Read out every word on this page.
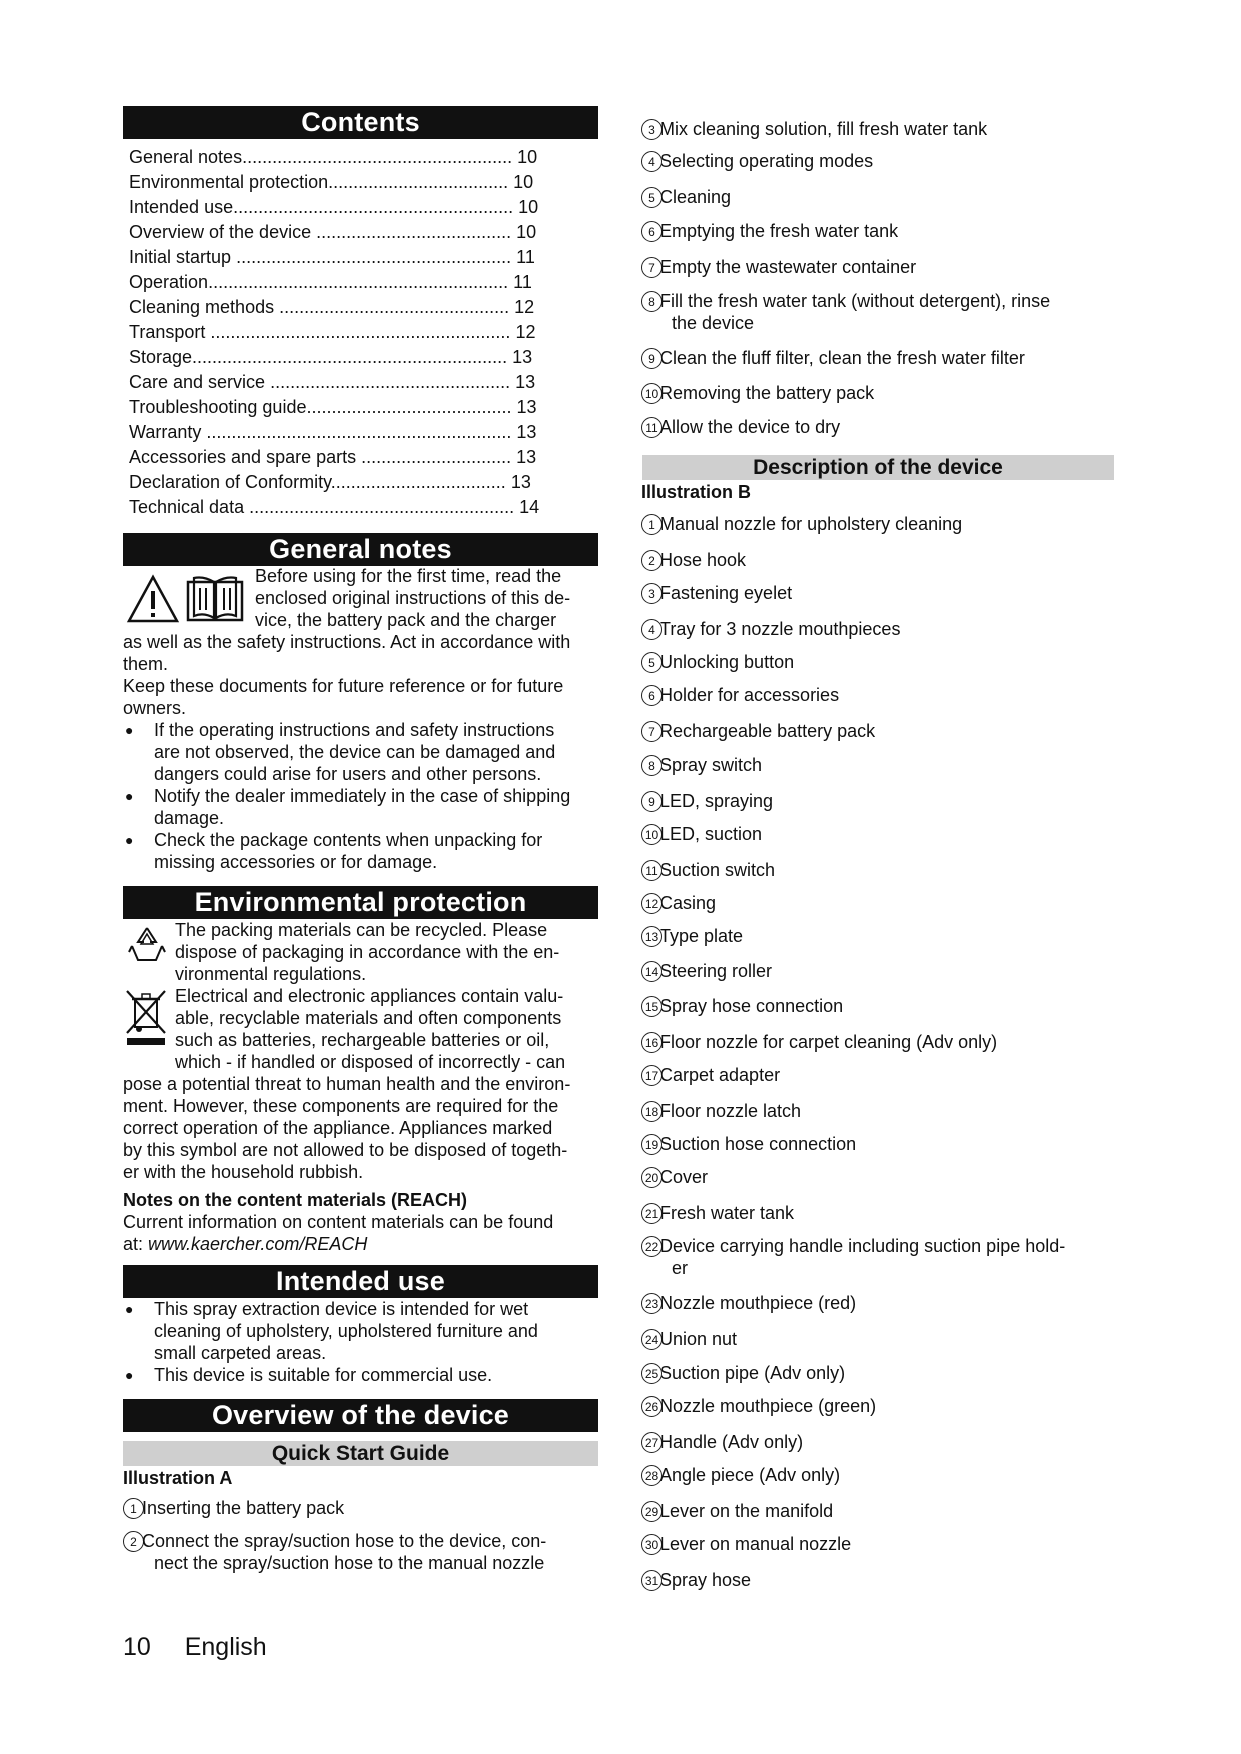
Contents
General notes...................................................... 10
Environmental protection.................................... 10
Intended use........................................................ 10
Overview of the device ....................................... 10
Initial startup ....................................................... 11
Operation............................................................ 11
Cleaning methods .............................................. 12
Transport ............................................................ 12
Storage............................................................... 13
Care and service ................................................ 13
Troubleshooting guide......................................... 13
Warranty ............................................................. 13
Accessories and spare parts .............................. 13
Declaration of Conformity................................... 13
Technical data ..................................................... 14
General notes
Before using for the first time, read the
enclosed original instructions of this de-
vice, the battery pack and the charger
as well as the safety instructions. Act in accordance with
them.
Keep these documents for future reference or for future
owners.
● If the operating instructions and safety instructions
are not observed, the device can be damaged and
dangers could arise for users and other persons.
● Notify the dealer immediately in the case of shipping
damage.
● Check the package contents when unpacking for
missing accessories or for damage.
Environmental protection
The packing materials can be recycled. Please
dispose of packaging in accordance with the en-
vironmental regulations.
Electrical and electronic appliances contain valu-
able, recyclable materials and often components
such as batteries, rechargeable batteries or oil,
which - if handled or disposed of incorrectly - can
pose a potential threat to human health and the environ-
ment. However, these components are required for the
correct operation of the appliance. Appliances marked
by this symbol are not allowed to be disposed of togeth-
er with the household rubbish.
Notes on the content materials (REACH)
Current information on content materials can be found
at: www.kaercher.com/REACH
Intended use
● This spray extraction device is intended for wet
cleaning of upholstery, upholstered furniture and
small carpeted areas.
● This device is suitable for commercial use.
Overview of the device
Quick Start Guide
Illustration A
1 Inserting the battery pack
2 Connect the spray/suction hose to the device, con-
nect the spray/suction hose to the manual nozzle
3 Mix cleaning solution, fill fresh water tank
4 Selecting operating modes
5 Cleaning
6 Emptying the fresh water tank
7 Empty the wastewater container
8 Fill the fresh water tank (without detergent), rinse
the device
9 Clean the fluff filter, clean the fresh water filter
10 Removing the battery pack
11 Allow the device to dry
Description of the device
Illustration B
1 Manual nozzle for upholstery cleaning
2 Hose hook
3 Fastening eyelet
4 Tray for 3 nozzle mouthpieces
5 Unlocking button
6 Holder for accessories
7 Rechargeable battery pack
8 Spray switch
9 LED, spraying
10 LED, suction
11 Suction switch
12 Casing
13 Type plate
14 Steering roller
15 Spray hose connection
16 Floor nozzle for carpet cleaning (Adv only)
17 Carpet adapter
18 Floor nozzle latch
19 Suction hose connection
20 Cover
21 Fresh water tank
22 Device carrying handle including suction pipe hold-
er
23 Nozzle mouthpiece (red)
24 Union nut
25 Suction pipe (Adv only)
26 Nozzle mouthpiece (green)
27 Handle (Adv only)
28 Angle piece (Adv only)
29 Lever on the manifold
30 Lever on manual nozzle
31 Spray hose
10 English
